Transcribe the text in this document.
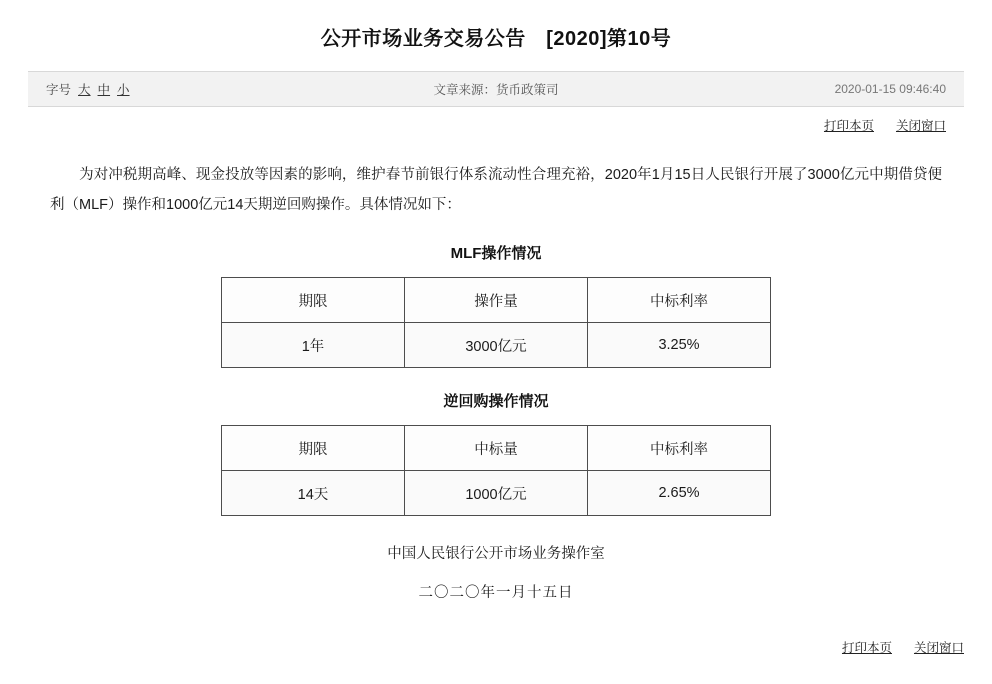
公开市场业务交易公告　[2020]第10号
字号 大 中 小	文章来源：货币政策司	2020-01-15 09:46:40
打印本页 关闭窗口
为对冲税期高峰、现金投放等因素的影响，维护春节前银行体系流动性合理充裕，2020年1月15日人民银行开展了3000亿元中期借贷便利（MLF）操作和1000亿元14天期逆回购操作。具体情况如下：
MLF操作情况
期限	操作量	中标利率
1年	3000亿元	3.25%
逆回购操作情况
期限	中标量	中标利率
14天	1000亿元	2.65%
中国人民银行公开市场业务操作室
二〇二〇年一月十五日
打印本页 关闭窗口
